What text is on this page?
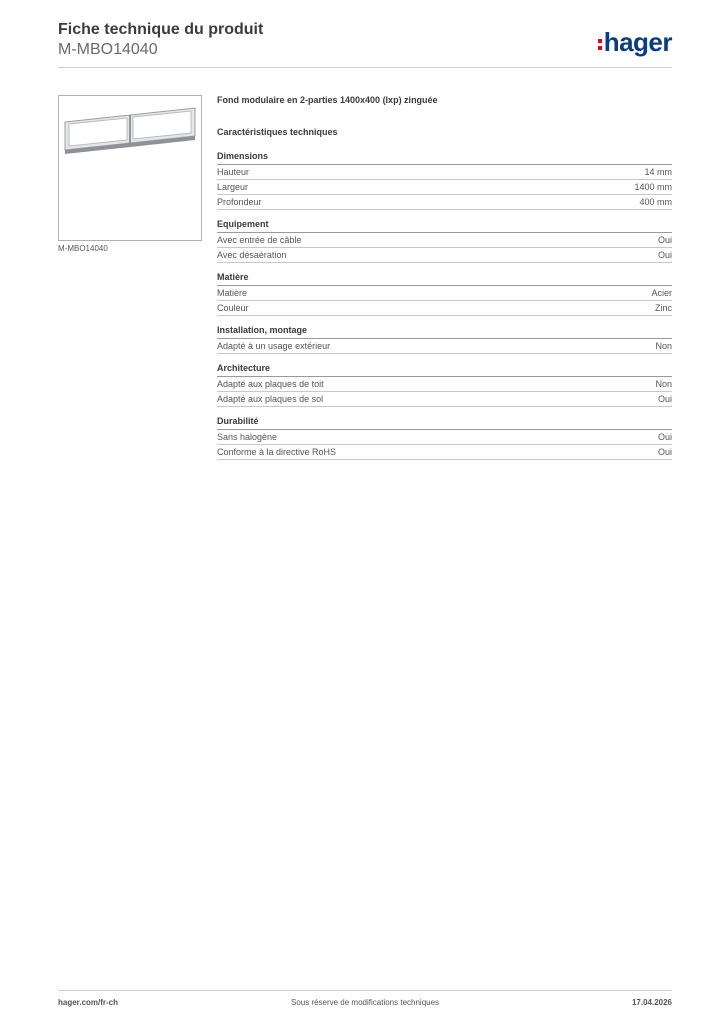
Fiche technique du produit
M-MBO14040	hager
M-MBO14040
Fond modulaire en 2-parties 1400x400 (lxp) zinguée
Caractéristiques techniques
Dimensions
Hauteur	14 mm
Largeur	1400 mm
Profondeur	400 mm
Equipement
Avec entrée de câble	Oui
Avec désaération	Oui
Matière
Matière	Acier
Couleur	Zinc
Installation, montage
Adapté à un usage extérieur	Non
Architecture
Adapté aux plaques de toit	Non
Adapté aux plaques de sol	Oui
Durabilité
Sans halogène	Oui
Conforme à la directive RoHS	Oui
hager.com/fr-ch	Sous réserve de modifications techniques	17.04.2026
